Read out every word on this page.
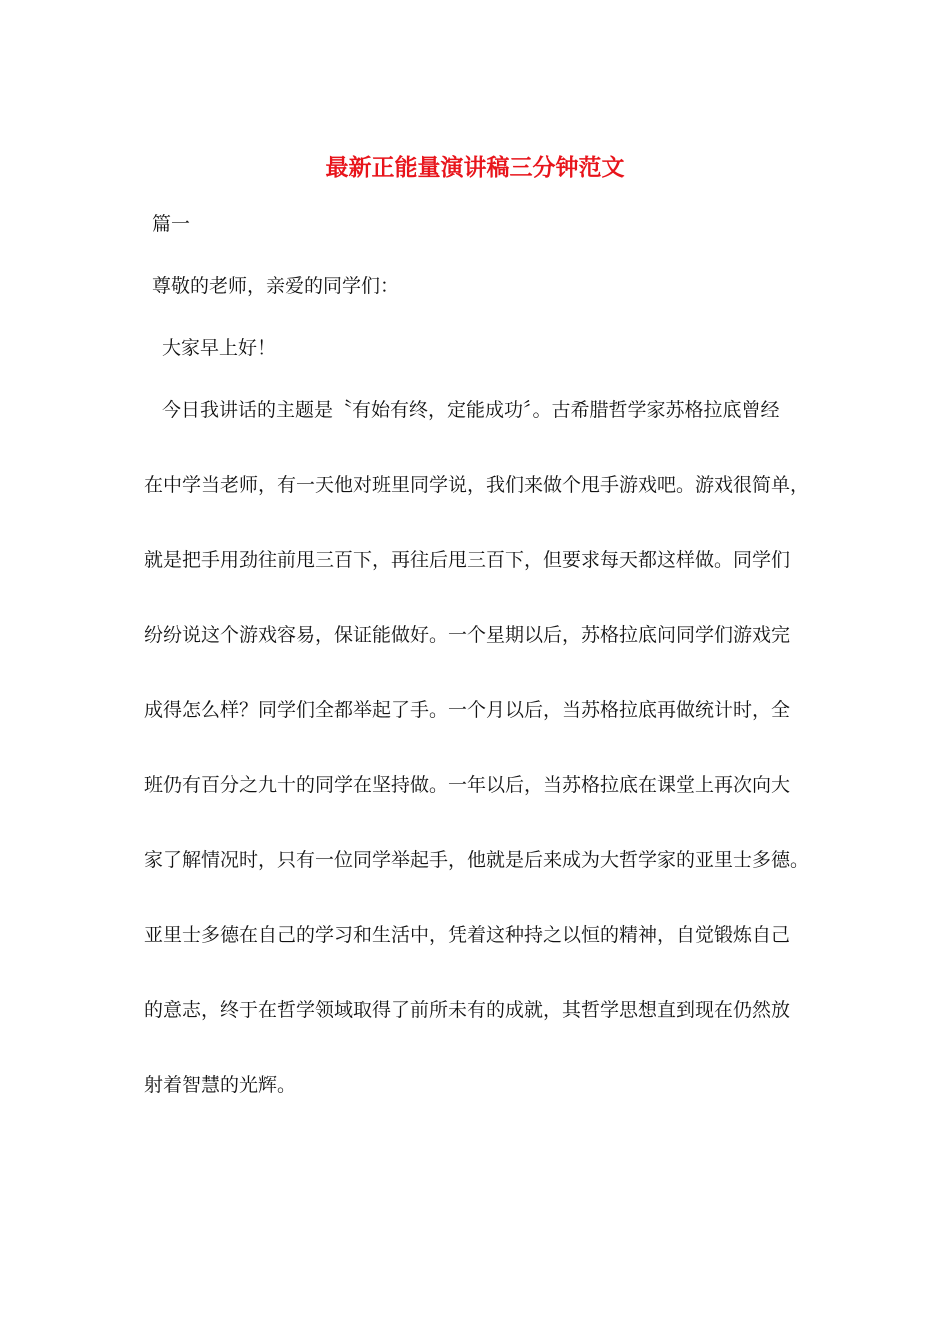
最新正能量演讲稿三分钟范文
篇一
尊敬的老师，亲爱的同学们：
大家早上好！
今日我讲话的主题是〝有始有终，定能成功〞。古希腊哲学家苏格拉底曾经
在中学当老师，有一天他对班里同学说，我们来做个甩手游戏吧。游戏很简单，
就是把手用劲往前甩三百下，再往后甩三百下，但要求每天都这样做。同学们
纷纷说这个游戏容易，保证能做好。一个星期以后，苏格拉底问同学们游戏完
成得怎么样？同学们全都举起了手。一个月以后，当苏格拉底再做统计时，全
班仍有百分之九十的同学在坚持做。一年以后，当苏格拉底在课堂上再次向大
家了解情况时，只有一位同学举起手，他就是后来成为大哲学家的亚里士多德。
亚里士多德在自己的学习和生活中，凭着这种持之以恒的精神，自觉锻炼自己
的意志，终于在哲学领域取得了前所未有的成就，其哲学思想直到现在仍然放
射着智慧的光辉。
